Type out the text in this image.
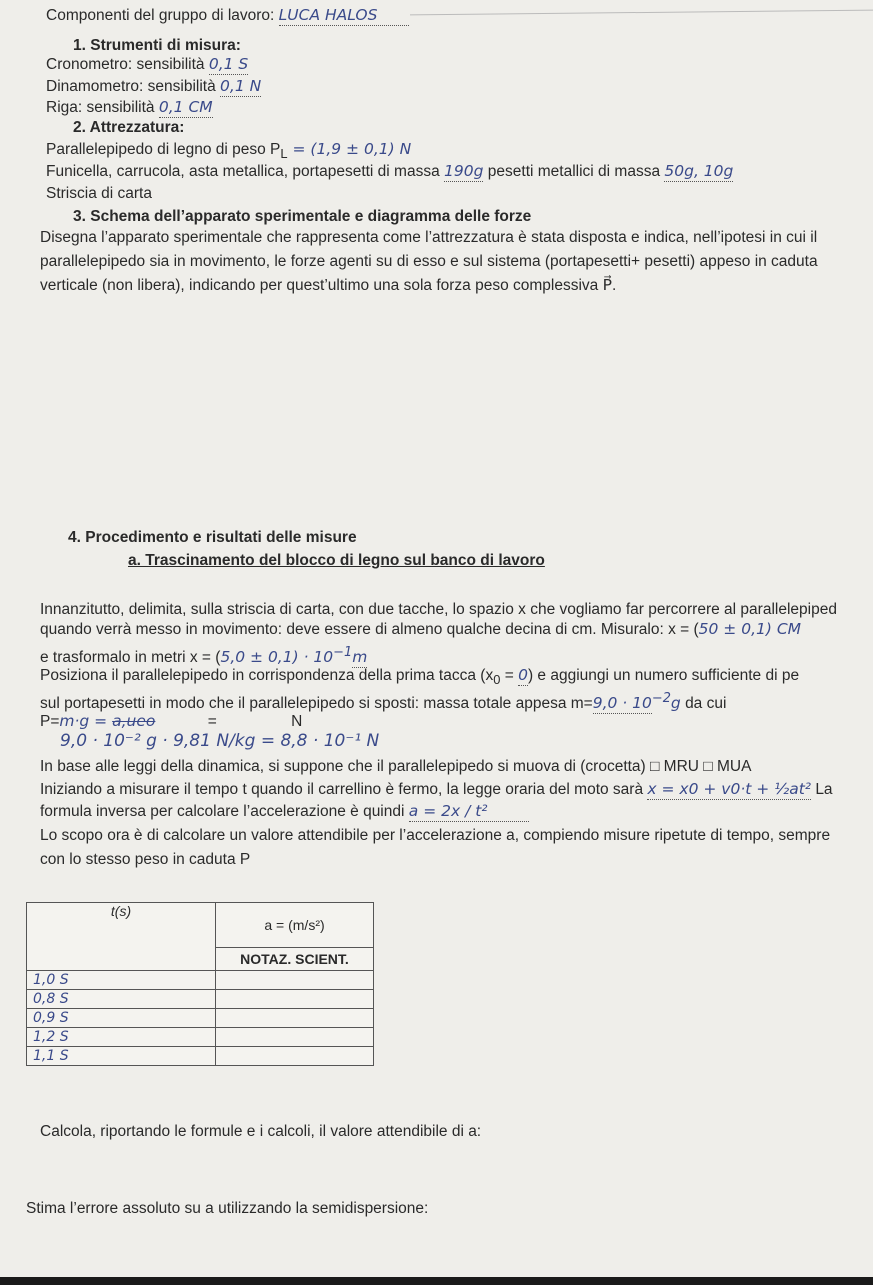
Componenti del gruppo di lavoro: LUCA HALOS
1. Strumenti di misura:
Cronometro: sensibilità 0,1 S
Dinamometro: sensibilità 0,1 N
Riga: sensibilità 0,1 CM
2. Attrezzatura:
Parallelepipedo di legno di peso $P_L = (1,9 \pm 0,1)$ N
Funicella, carrucola, asta metallica, portapesetti di massa 190g pesetti metallici di massa 50g, 10g
Striscia di carta
3. Schema dell’apparato sperimentale e diagramma delle forze
Disegna l’apparato sperimentale che rappresenta come l’attrezzatura è stata disposta e indica, nell’ipotesi in cui il
parallelepipedo sia in movimento, le forze agenti su di esso e sul sistema (portapesetti+ pesetti) appeso in caduta
verticale (non libera), indicando per quest’ultimo una sola forza peso complessiva P⃗.
4. Procedimento e risultati delle misure
a. Trascinamento del blocco di legno sul banco di lavoro
Innanzitutto, delimita, sulla striscia di carta, con due tacche, lo spazio x che vogliamo far percorrere al parallelepiped
quando verrà messo in movimento: deve essere di almeno qualche decina di cm. Misuralo: x = (50 ± 0,1) CM
e trasformalo in metri $x = (5,0 \pm 0,1) \cdot 10^{-1}m$
Posiziona il parallelepipedo in corrispondenza della prima tacca $(x_0 = 0)$ e aggiungi un numero sufficiente di pe
sul portapesetti in modo che il parallelepipedo si sposti: massa totale appesa $m=9,0 \cdot 10^{-2}g$ da cui
P=m·g = a,ueo	=	N
9,0 · 10⁻² g · 9,81 N/kg = 8,8 · 10⁻¹ N
In base alle leggi della dinamica, si suppone che il parallelepipedo si muova di (crocetta) □ MRU □ MUA
Iniziando a misurare il tempo t quando il carrellino è fermo, la legge oraria del moto sarà x = x0 + v0·t + ½at² La
formula inversa per calcolare l’accelerazione è quindi a = 2x / t²
Lo scopo ora è di calcolare un valore attendibile per l’accelerazione a, compiendo misure ripetute di tempo, sempre
con lo stesso peso in caduta P
t(s)	a = (m/s²)
	NOTAZ. SCIENT.
1,0 S	
0,8 S	
0,9 S	
1,2 S	
1,1 S	
Calcola, riportando le formule e i calcoli, il valore attendibile di a:
Stima l’errore assoluto su a utilizzando la semidispersione:
